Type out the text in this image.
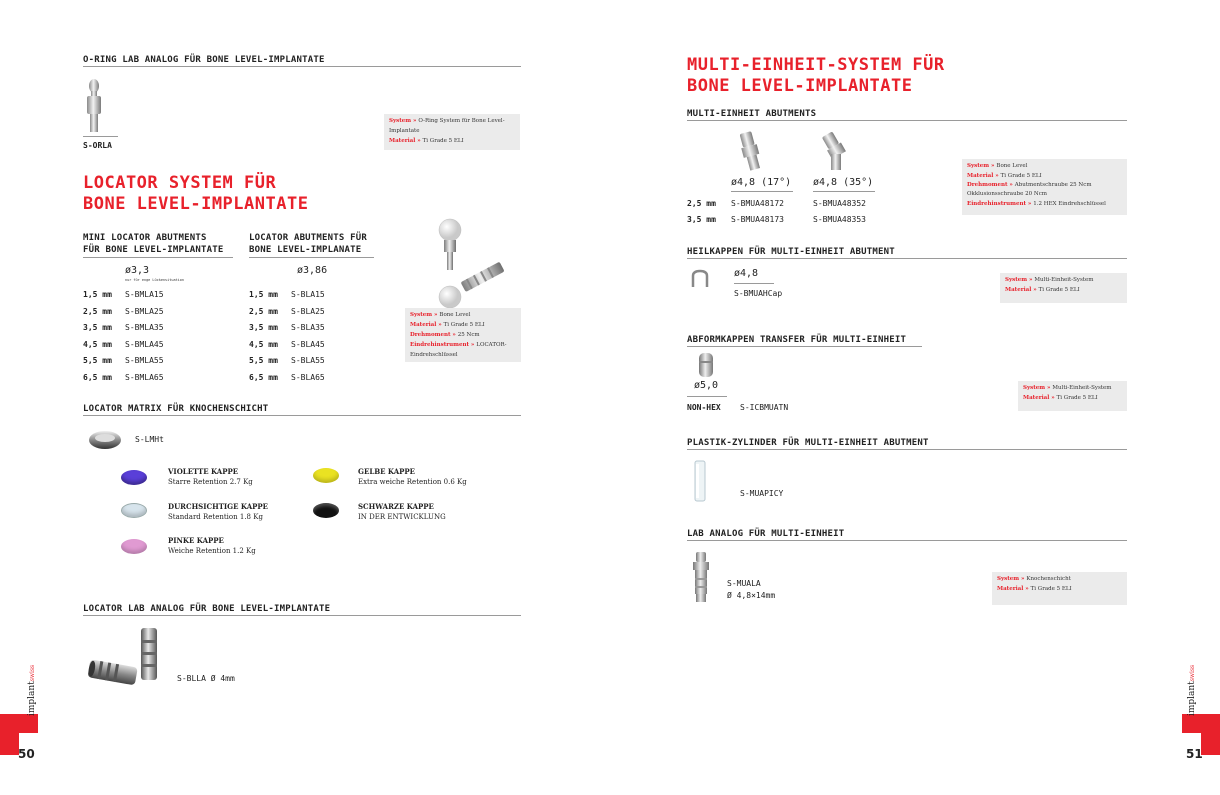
O-RING LAB ANALOG FÜR BONE LEVEL-IMPLANTATE
S-ORLA
System » O-Ring System für Bone Level-Implantate
Material » Ti Grade 5 ELI
LOCATOR SYSTEM FÜR
BONE LEVEL-IMPLANTATE
MINI LOCATOR ABUTMENTS
FÜR BONE LEVEL-IMPLANTATE
ø3,3
nur für enge Lückensituation
1,5 mm S-BMLA15
2,5 mm S-BMLA25
3,5 mm S-BMLA35
4,5 mm S-BMLA45
5,5 mm S-BMLA55
6,5 mm S-BMLA65
LOCATOR ABUTMENTS FÜR
BONE LEVEL-IMPLANATE
ø3,86
1,5 mm S-BLA15
2,5 mm S-BLA25
3,5 mm S-BLA35
4,5 mm S-BLA45
5,5 mm S-BLA55
6,5 mm S-BLA65
System » Bone Level
Material » Ti Grade 5 ELI
Drehmoment » 25 Ncm
Eindrehinstrument » LOCATOR-Eindrehschlüssel
LOCATOR MATRIX FÜR KNOCHENSCHICHT
S-LMHt
VIOLETTE KAPPE
Starre Retention 2.7 Kg
DURCHSICHTIGE KAPPE
Standard Retention 1.8 Kg
PINKE KAPPE
Weiche Retention 1.2 Kg
GELBE KAPPE
Extra weiche Retention 0.6 Kg
SCHWARZE KAPPE
IN DER ENTWICKLUNG
LOCATOR LAB ANALOG FÜR BONE LEVEL-IMPLANTATE
S-BLLA Ø 4mm
implantswiss
50
MULTI-EINHEIT-SYSTEM FÜR
BONE LEVEL-IMPLANTATE
MULTI-EINHEIT ABUTMENTS
ø4,8 (17°) ø4,8 (35°)
2,5 mm S-BMUA48172	S-BMUA48352
3,5 mm S-BMUA48173	S-BMUA48353
System » Bone Level
Material » Ti Grade 5 ELI
Drehmoment » Abutmentschraube 25 Ncm Okklusionsschraube 20 Ncm
Eindrehinstrument » 1.2 HEX Eindrehschlüssel
HEILKAPPEN FÜR MULTI-EINHEIT ABUTMENT
ø4,8
S-BMUAHCap
System » Multi-Einheit-System
Material » Ti Grade 5 ELI
ABFORMKAPPEN TRANSFER FÜR MULTI-EINHEIT
ø5,0
NON-HEX S-ICBMUATN
System » Multi-Einheit-System
Material » Ti Grade 5 ELI
PLASTIK-ZYLINDER FÜR MULTI-EINHEIT ABUTMENT
S-MUAPICY
LAB ANALOG FÜR MULTI-EINHEIT
S-MUALA
Ø 4,8×14mm
System » Knochenschicht
Material » Ti Grade 5 ELI
implantswiss
51
